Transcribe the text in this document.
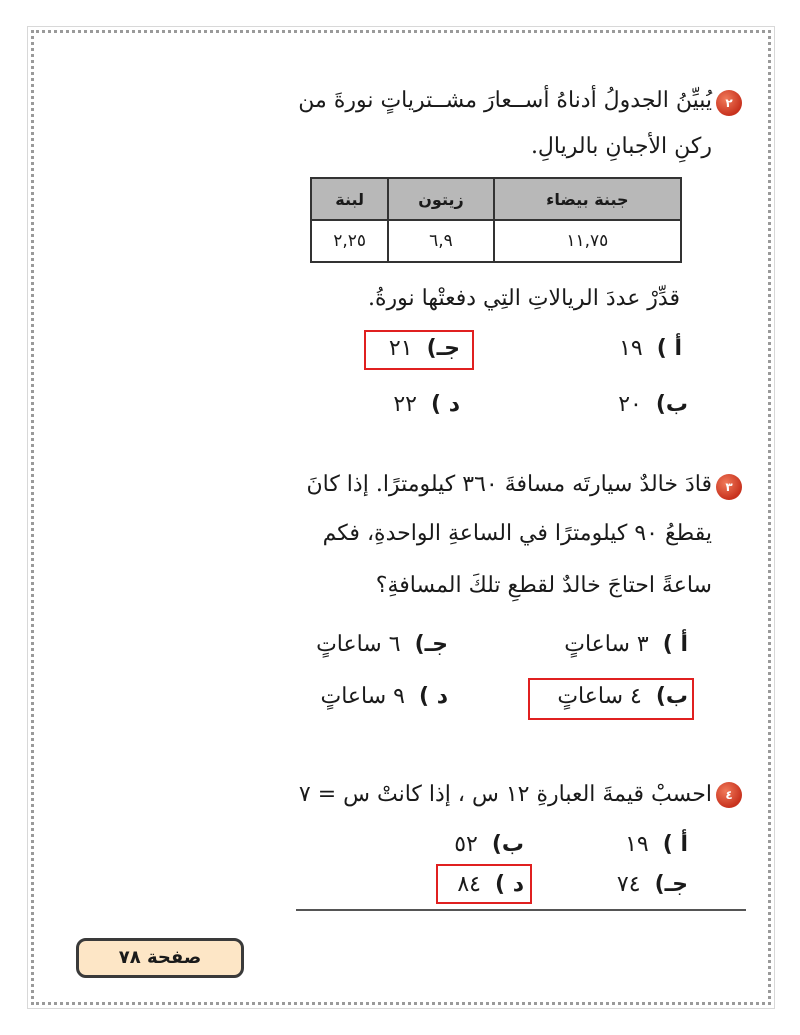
٢
يُبيِّنُ الجدولُ أدناهُ أســعارَ مشــترياتٍ نورةَ من
ركنِ الأجبانِ بالريالِ.
جبنة بيضاء	زيتون	لبنة
١١,٧٥	٦,٩	٢,٢٥
قدِّرْ عددَ الريالاتِ التِي دفعتْها نورةُ.
أ )  ١٩
جـ)  ٢١
ب)  ٢٠
د )  ٢٢
٣
قادَ خالدٌ سيارتَه مسافةَ ٣٦٠ كيلومترًا. إذا كانَ
يقطعُ ٩٠ كيلومترًا في الساعةِ الواحدةِ، فكم
ساعةً احتاجَ خالدٌ لقطعِ تلكَ المسافةِ؟
أ )  ٣ ساعاتٍ
جـ)  ٦ ساعاتٍ
ب)  ٤ ساعاتٍ
د )  ٩ ساعاتٍ
٤
احسبْ قيمةَ العبارةِ ١٢ س ، إذا كانتْ س = ٧
أ )  ١٩
ب)  ٥٢
جـ)  ٧٤
د )  ٨٤
صفحة ٧٨
